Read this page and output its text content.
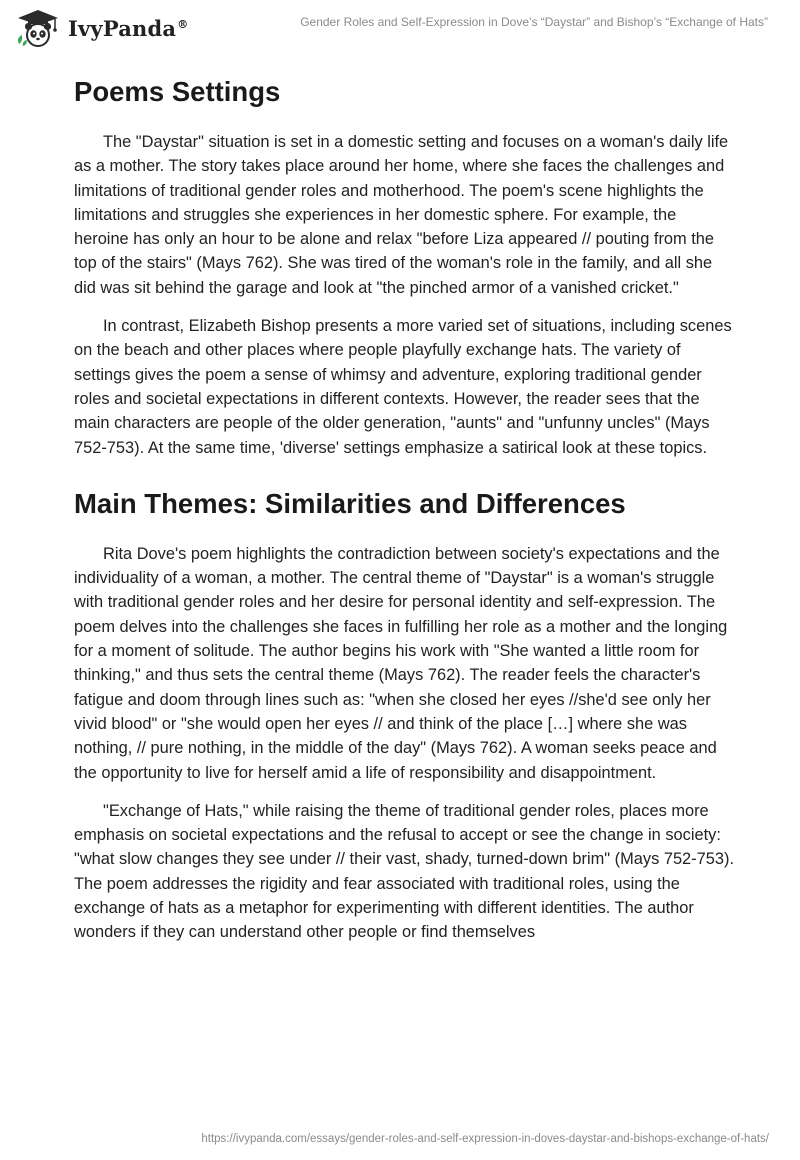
IvyPanda®	Gender Roles and Self-Expression in Dove’s “Daystar” and Bishop’s “Exchange of Hats”
Poems Settings

The "Daystar" situation is set in a domestic setting and focuses on a woman's daily life as a mother. The story takes place around her home, where she faces the challenges and limitations of traditional gender roles and motherhood. The poem's scene highlights the limitations and struggles she experiences in her domestic sphere. For example, the heroine has only an hour to be alone and relax "before Liza appeared // pouting from the top of the stairs" (Mays 762). She was tired of the woman's role in the family, and all she did was sit behind the garage and look at "the pinched armor of a vanished cricket."

In contrast, Elizabeth Bishop presents a more varied set of situations, including scenes on the beach and other places where people playfully exchange hats. The variety of settings gives the poem a sense of whimsy and adventure, exploring traditional gender roles and societal expectations in different contexts. However, the reader sees that the main characters are people of the older generation, "aunts" and "unfunny uncles" (Mays 752-753). At the same time, 'diverse' settings emphasize a satirical look at these topics.

Main Themes: Similarities and Differences

Rita Dove's poem highlights the contradiction between society's expectations and the individuality of a woman, a mother. The central theme of "Daystar" is a woman's struggle with traditional gender roles and her desire for personal identity and self-expression. The poem delves into the challenges she faces in fulfilling her role as a mother and the longing for a moment of solitude. The author begins his work with "She wanted a little room for thinking," and thus sets the central theme (Mays 762). The reader feels the character's fatigue and doom through lines such as: "when she closed her eyes //she'd see only her vivid blood" or "she would open her eyes // and think of the place […] where she was nothing, // pure nothing, in the middle of the day" (Mays 762). A woman seeks peace and the opportunity to live for herself amid a life of responsibility and disappointment.

"Exchange of Hats," while raising the theme of traditional gender roles, places more emphasis on societal expectations and the refusal to accept or see the change in society: "what slow changes they see under // their vast, shady, turned-down brim" (Mays 752-753). The poem addresses the rigidity and fear associated with traditional roles, using the exchange of hats as a metaphor for experimenting with different identities. The author wonders if they can understand other people or find themselves

https://ivypanda.com/essays/gender-roles-and-self-expression-in-doves-daystar-and-bishops-exchange-of-hats/
